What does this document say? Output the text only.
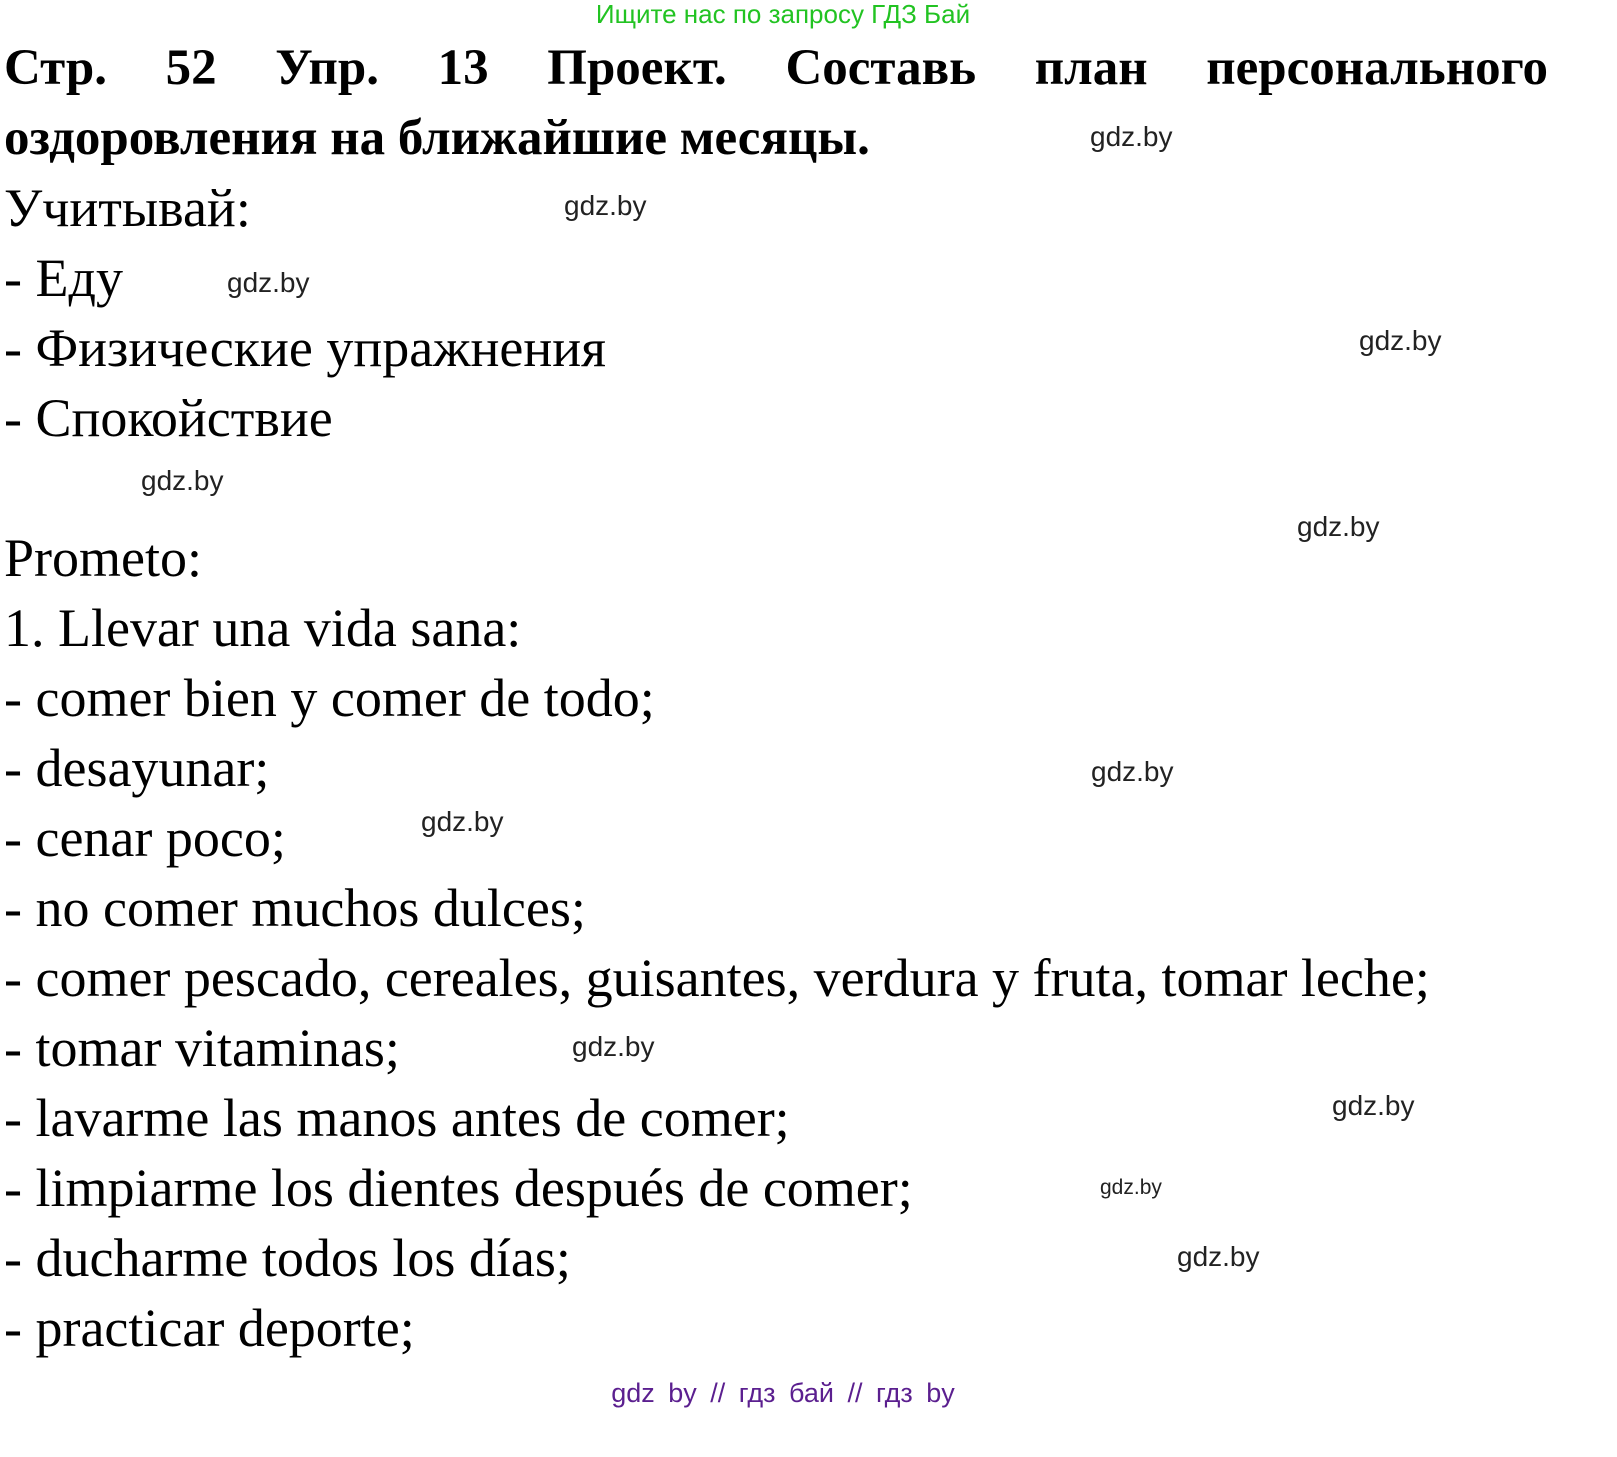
Ищите нас по запросу ГДЗ Бай
Стр. 52 Упр. 13 Проект. Составь план персонального
оздоровления на ближайшие месяцы.
Учитывай:
- Еду
- Физические упражнения
- Спокойствие
Prometo:
1. Llevar una vida sana:
- comer bien y comer de todo;
- desayunar;
- cenar poco;
- no comer muchos dulces;
- comer pescado, cereales, guisantes, verdura y fruta, tomar leche;
- tomar vitaminas;
- lavarme las manos antes de comer;
- limpiarme los dientes después de comer;
- ducharme todos los días;
- practicar deporte;
gdz.by
gdz.by
gdz.by
gdz.by
gdz.by
gdz.by
gdz.by
gdz.by
gdz.by
gdz.by
gdz.by
gdz.by
gdz by // гдз бай // гдз by
